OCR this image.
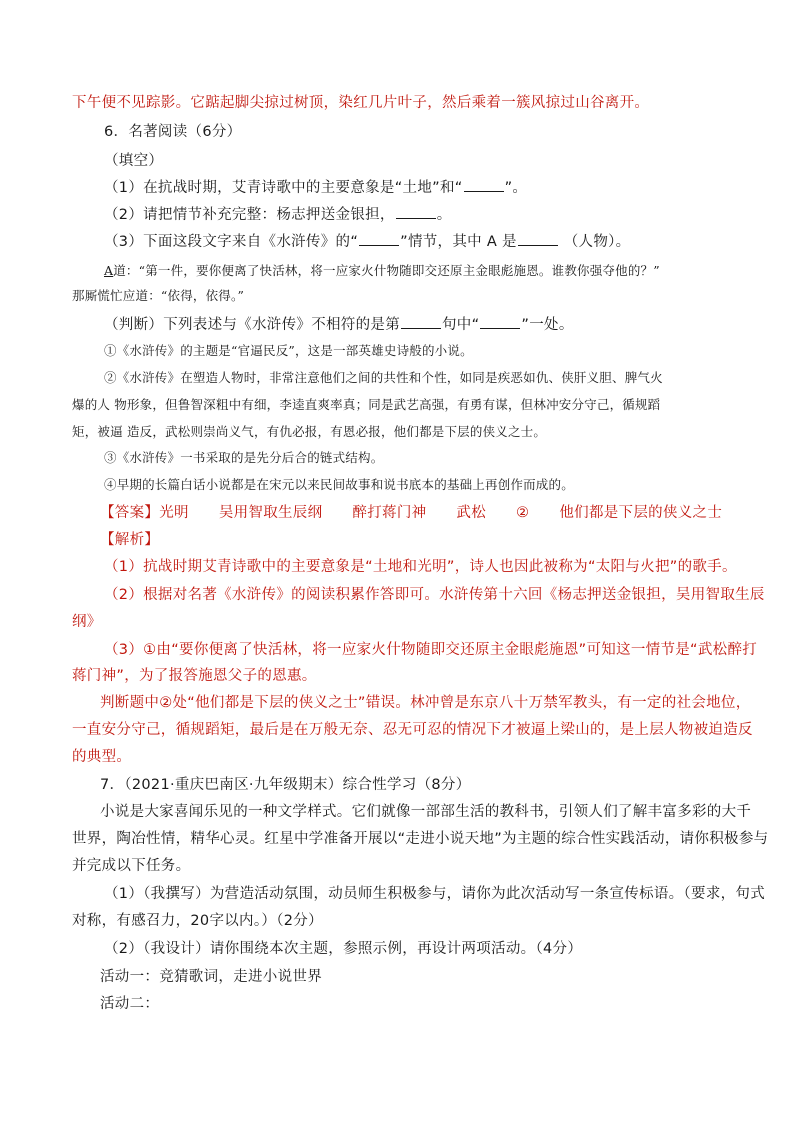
下午便不见踪影。它踮起脚尖掠过树顶，染红几片叶子，然后乘着一簇风掠过山谷离开。
6．名著阅读（6分）
（填空）
（1）在抗战时期，艾青诗歌中的主要意象是“土地”和“	”。
（2）请把情节补充完整：杨志押送金银担，	。
（3）下面这段文字来自《水浒传》的“	”情节，其中 A 是	（人物）。
A道：“第一件，要你便离了快活林，将一应家火什物随即交还原主金眼彪施恩。谁教你强夺他的？”
那厮慌忙应道：“依得，依得。”
（判断）下列表述与《水浒传》不相符的是第	句中“	”一处。
①《水浒传》的主题是“官逼民反”，这是一部英雄史诗般的小说。
②《水浒传》在塑造人物时，非常注意他们之间的共性和个性，如同是疾恶如仇、侠肝义胆、脾气火
爆的人 物形象，但鲁智深粗中有细，李逵直爽率真；同是武艺高强，有勇有谋，但林冲安分守己，循规蹈
矩，被逼 造反，武松则崇尚义气，有仇必报，有恩必报，他们都是下层的侠义之士。
③《水浒传》一书采取的是先分后合的链式结构。
④早期的长篇白话小说都是在宋元以来民间故事和说书底本的基础上再创作而成的。
【答案】光明 吴用智取生辰纲 醉打蒋门神 武松 ② 他们都是下层的侠义之士
【解析】
（1）抗战时期艾青诗歌中的主要意象是“土地和光明”，诗人也因此被称为“太阳与火把”的歌手。
（2）根据对名著《水浒传》的阅读积累作答即可。水浒传第十六回《杨志押送金银担，吴用智取生辰
纲》
（3）①由“要你便离了快活林，将一应家火什物随即交还原主金眼彪施恩”可知这一情节是“武松醉打
蒋门神”，为了报答施恩父子的恩惠。
判断题中②处“他们都是下层的侠义之士”错误。林冲曾是东京八十万禁军教头，有一定的社会地位，
一直安分守己，循规蹈矩，最后是在万般无奈、忍无可忍的情况下才被逼上梁山的，是上层人物被迫造反
的典型。
7．（2021·重庆巴南区·九年级期末）综合性学习（8分）
小说是大家喜闻乐见的一种文学样式。它们就像一部部生活的教科书，引领人们了解丰富多彩的大千
世界，陶冶性情，精华心灵。红星中学准备开展以“走进小说天地”为主题的综合性实践活动，请你积极参与
并完成以下任务。
（1）（我撰写）为营造活动氛围，动员师生积极参与，请你为此次活动写一条宣传标语。（要求，句式
对称，有感召力，20字以内。）（2分）
（2）（我设计）请你围绕本次主题，参照示例，再设计两项活动。（4分）
活动一：竞猜歌词，走进小说世界
活动二：
